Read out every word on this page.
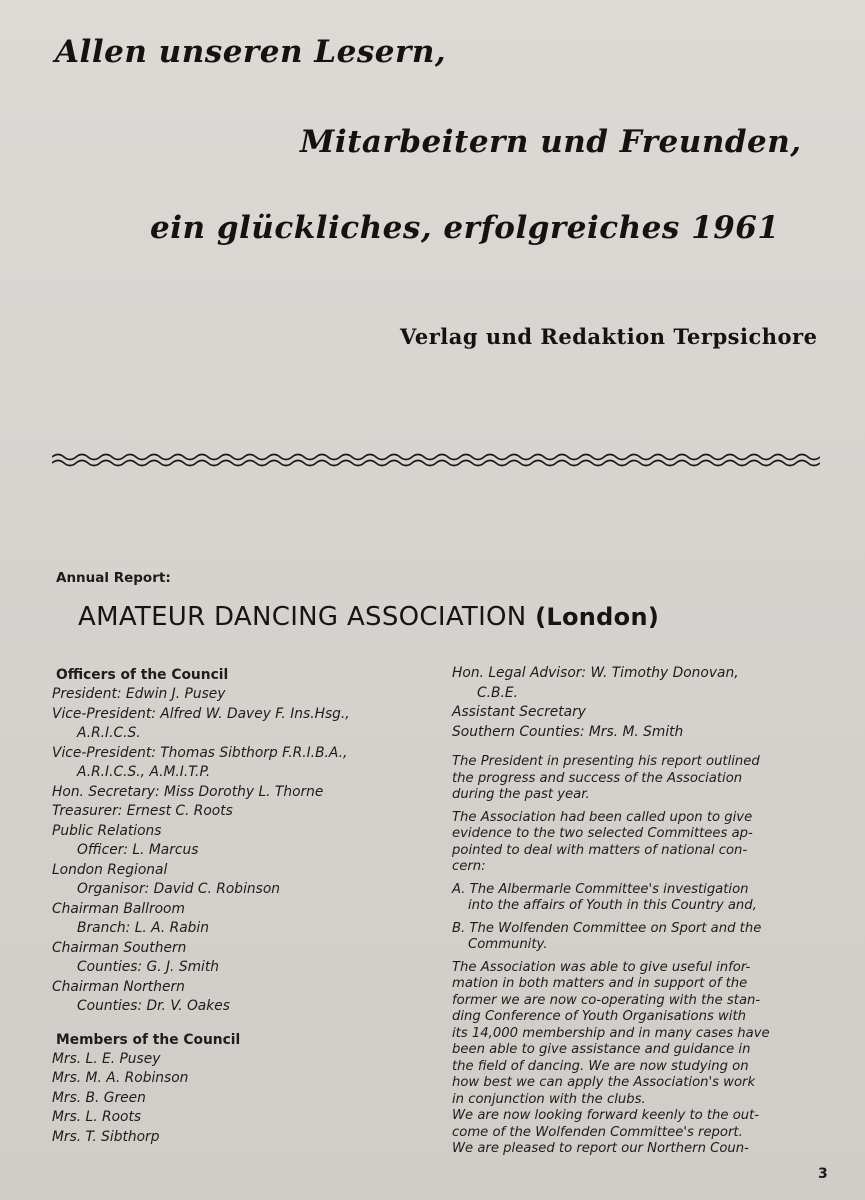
Allen unseren Lesern,
Mitarbeitern und Freunden,
ein glückliches, erfolgreiches 1961
Verlag und Redaktion Terpsichore
Annual Report:
AMATEUR DANCING ASSOCIATION (London)
Officers of the Council
President: Edwin J. Pusey
Vice-President: Alfred W. Davey F. Ins.Hsg.,
A.R.I.C.S.
Vice-President: Thomas Sibthorp F.R.I.B.A.,
A.R.I.C.S., A.M.I.T.P.
Hon. Secretary: Miss Dorothy L. Thorne
Treasurer: Ernest C. Roots
Public Relations
Officer: L. Marcus
London Regional
Organisor: David C. Robinson
Chairman Ballroom
Branch: L. A. Rabin
Chairman Southern
Counties: G. J. Smith
Chairman Northern
Counties: Dr. V. Oakes
Members of the Council
Mrs. L. E. Pusey
Mrs. M. A. Robinson
Mrs. B. Green
Mrs. L. Roots
Mrs. T. Sibthorp
Hon. Legal Advisor: W. Timothy Donovan,
C.B.E.
Assistant Secretary
Southern Counties: Mrs. M. Smith
The President in presenting his report outlined
the progress and success of the Association
during the past year.
The Association had been called upon to give
evidence to the two selected Committees ap-
pointed to deal with matters of national con-
cern:
A. The Albermarle Committee's investigation
into the affairs of Youth in this Country and,
B. The Wolfenden Committee on Sport and the
Community.
The Association was able to give useful infor-
mation in both matters and in support of the
former we are now co-operating with the stan-
ding Conference of Youth Organisations with
its 14,000 membership and in many cases have
been able to give assistance and guidance in
the field of dancing. We are now studying on
how best we can apply the Association's work
in conjunction with the clubs.
We are now looking forward keenly to the out-
come of the Wolfenden Committee's report.
We are pleased to report our Northern Coun-
3
